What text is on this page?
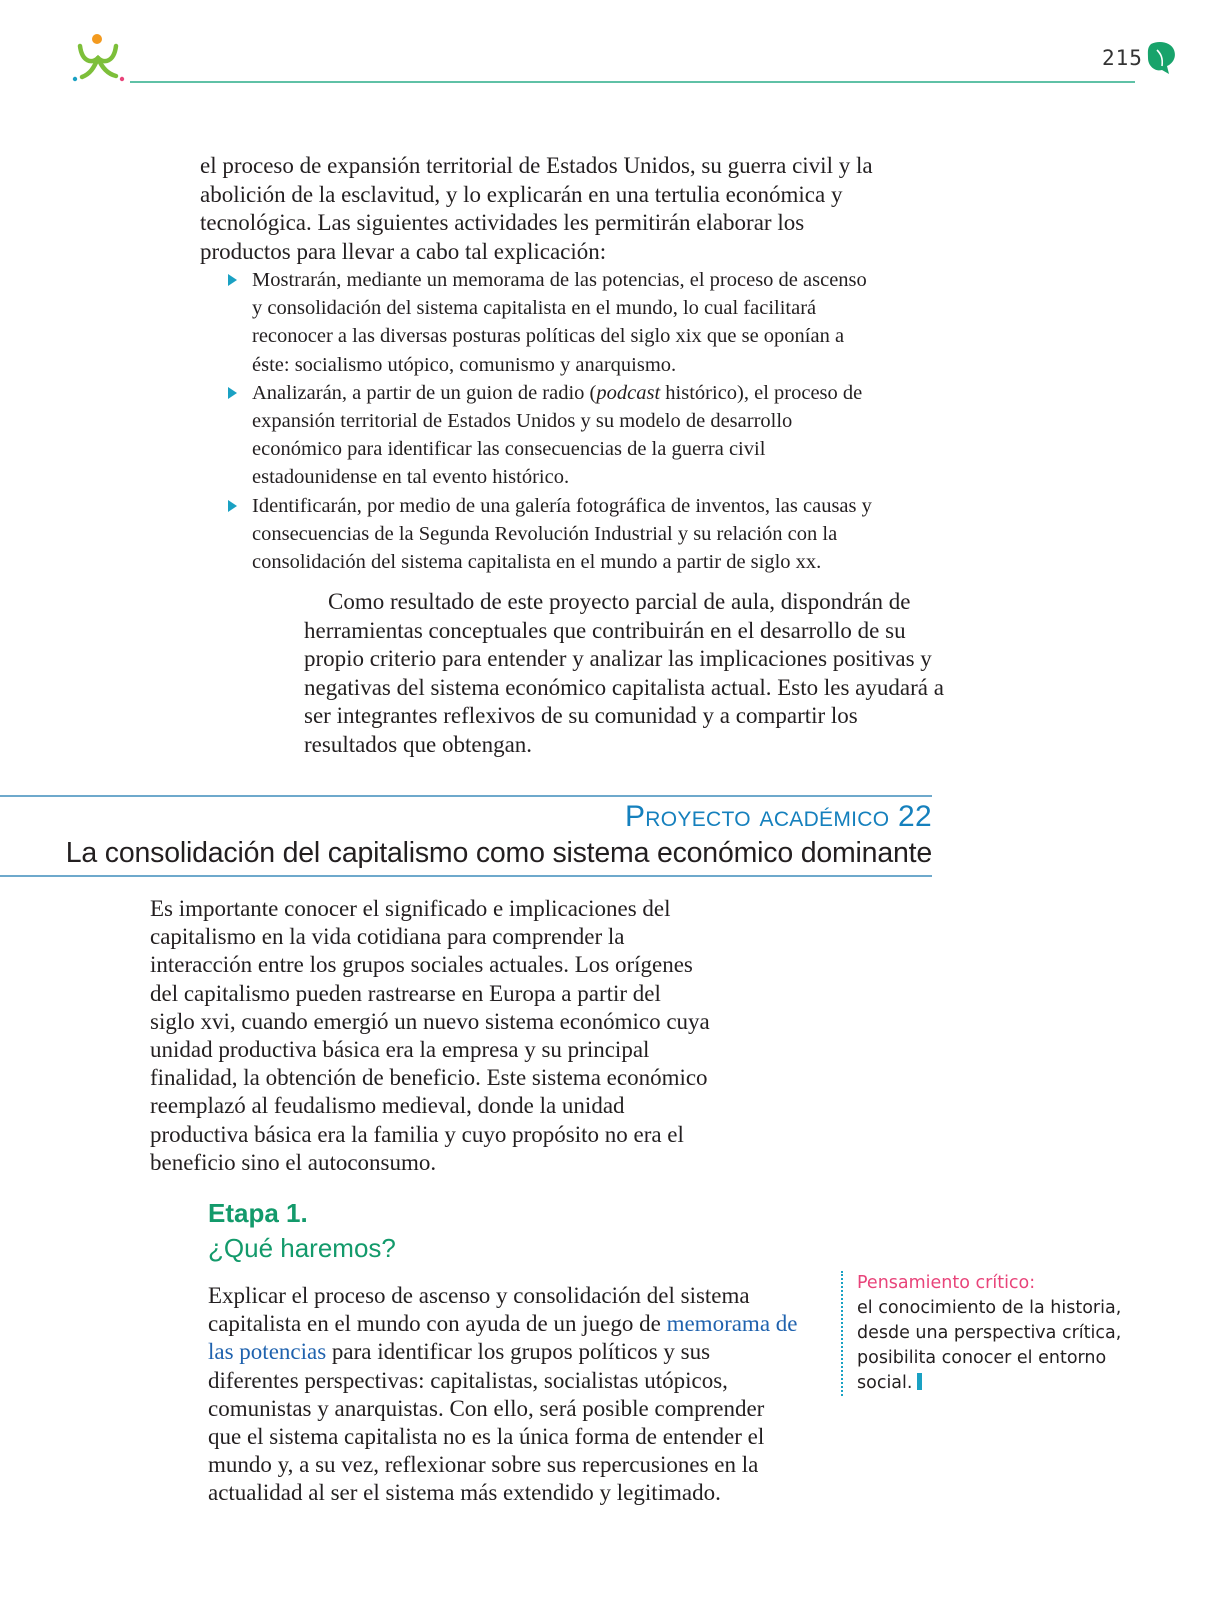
215

el proceso de expansión territorial de Estados Unidos, su guerra civil y la abolición de la esclavitud, y lo explicarán en una tertulia económica y tecnológica. Las siguientes actividades les permitirán elaborar los productos para llevar a cabo tal explicación:

Mostrarán, mediante un memorama de las potencias, el proceso de ascenso y consolidación del sistema capitalista en el mundo, lo cual facilitará reconocer a las diversas posturas políticas del siglo xix que se oponían a éste: socialismo utópico, comunismo y anarquismo.
Analizarán, a partir de un guion de radio (podcast histórico), el proceso de expansión territorial de Estados Unidos y su modelo de desarrollo económico para identificar las consecuencias de la guerra civil estadounidense en tal evento histórico.
Identificarán, por medio de una galería fotográfica de inventos, las causas y consecuencias de la Segunda Revolución Industrial y su relación con la consolidación del sistema capitalista en el mundo a partir de siglo xx.

Como resultado de este proyecto parcial de aula, dispondrán de herramientas conceptuales que contribuirán en el desarrollo de su propio criterio para entender y analizar las implicaciones positivas y negativas del sistema económico capitalista actual. Esto les ayudará a ser integrantes reflexivos de su comunidad y a compartir los resultados que obtengan.

Proyecto académico 22
La consolidación del capitalismo como sistema económico dominante

Es importante conocer el significado e implicaciones del capitalismo en la vida cotidiana para comprender la interacción entre los grupos sociales actuales. Los orígenes del capitalismo pueden rastrearse en Europa a partir del siglo xvi, cuando emergió un nuevo sistema económico cuya unidad productiva básica era la empresa y su principal finalidad, la obtención de beneficio. Este sistema económico reemplazó al feudalismo medieval, donde la unidad productiva básica era la familia y cuyo propósito no era el beneficio sino el autoconsumo.

Etapa 1.
¿Qué haremos?

Explicar el proceso de ascenso y consolidación del sistema capitalista en el mundo con ayuda de un juego de memorama de las potencias para identificar los grupos políticos y sus diferentes perspectivas: capitalistas, socialistas utópicos, comunistas y anarquistas. Con ello, será posible comprender que el sistema capitalista no es la única forma de entender el mundo y, a su vez, reflexionar sobre sus repercusiones en la actualidad al ser el sistema más extendido y legitimado.

Pensamiento crítico:
el conocimiento de la historia, desde una perspectiva crítica, posibilita conocer el entorno social.
